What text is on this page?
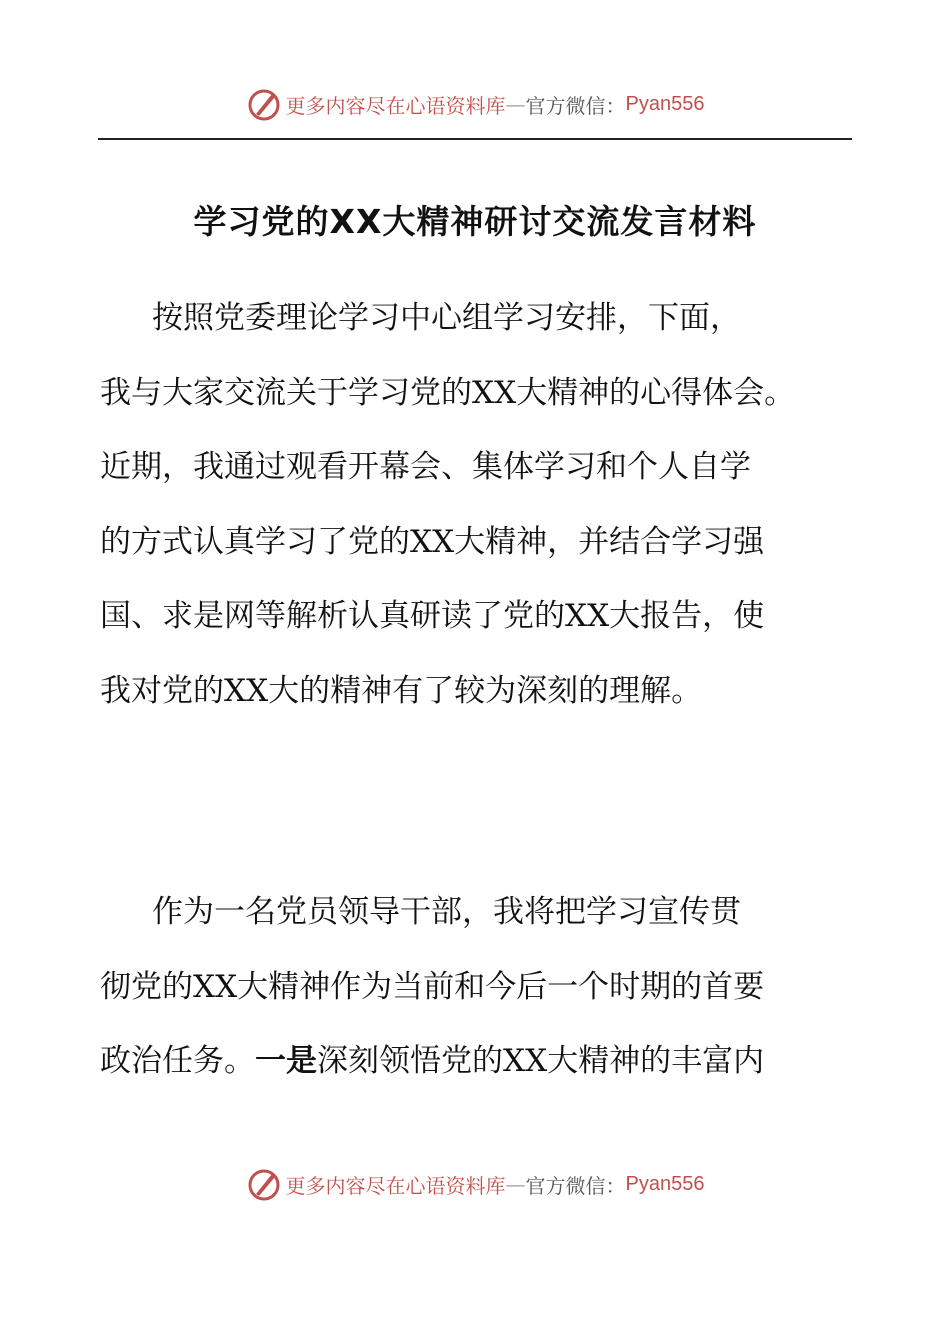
更多内容尽在心语资料库 — 官方微信： Pyan556
学习党的XX大精神研讨交流发言材料
按照党委理论学习中心组学习安排，下面，
我与大家交流关于学习党的XX大精神的心得体会。
近期，我通过观看开幕会、集体学习和个人自学
的方式认真学习了党的XX大精神，并结合学习强
国、求是网等解析认真研读了党的XX大报告，使
我对党的XX大的精神有了较为深刻的理解。
作为一名党员领导干部，我将把学习宣传贯
彻党的XX大精神作为当前和今后一个时期的首要
政治任务。一是深刻领悟党的XX大精神的丰富内
更多内容尽在心语资料库 — 官方微信： Pyan556
